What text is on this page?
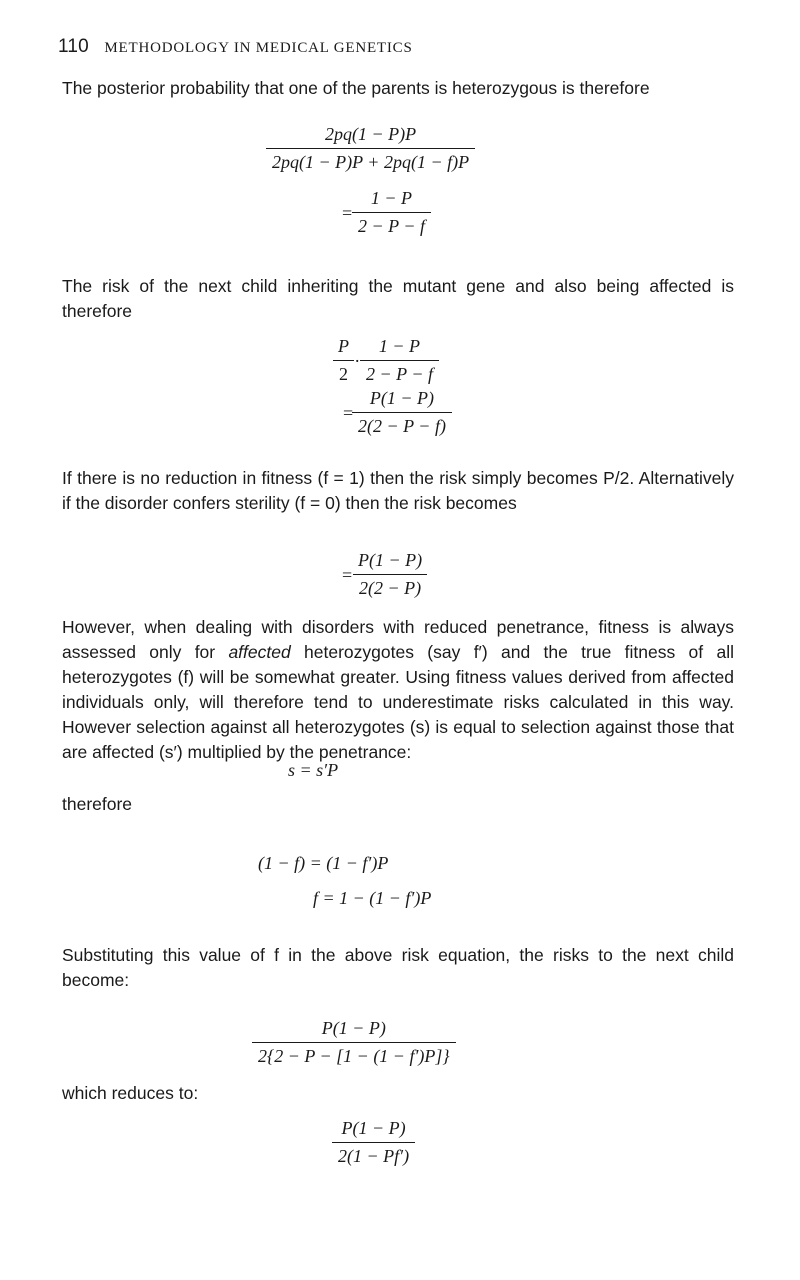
110 METHODOLOGY IN MEDICAL GENETICS
The posterior probability that one of the parents is heterozygous is therefore
$\frac{2pq(1 - P)P}{2pq(1 - P)P + 2pq(1 - f)P}$
= $\frac{1 - P}{2 - P - f}$
The risk of the next child inheriting the mutant gene and also being affected is therefore
$\frac{P}{2}$ . $\frac{1 - P}{2 - P - f}$
=
$\frac{P(1 - P)}{2(2 - P - f)}$
If there is no reduction in fitness (f = 1) then the risk simply becomes P/2. Alternatively if the disorder confers sterility (f = 0) then the risk becomes
= $\frac{P(1 - P)}{2(2 - P)}$
However, when dealing with disorders with reduced penetrance, fitness is always assessed only for affected heterozygotes (say f′) and the true fitness of all heterozygotes (f) will be somewhat greater. Using fitness values derived from affected individuals only, will therefore tend to underestimate risks calculated in this way. However selection against all heterozygotes (s) is equal to selection against those that are affected (s′) multiplied by the penetrance:
s = s′P
therefore
(1 − f) = (1 − f′)P
f = 1 − (1 − f′)P
Substituting this value of f in the above risk equation, the risks to the next child become:
$\frac{P(1 - P)}{2\{2 - P - [1 - (1 - f')P]\}}$
which reduces to:
$\frac{P(1 - P)}{2(1 - Pf')}$
